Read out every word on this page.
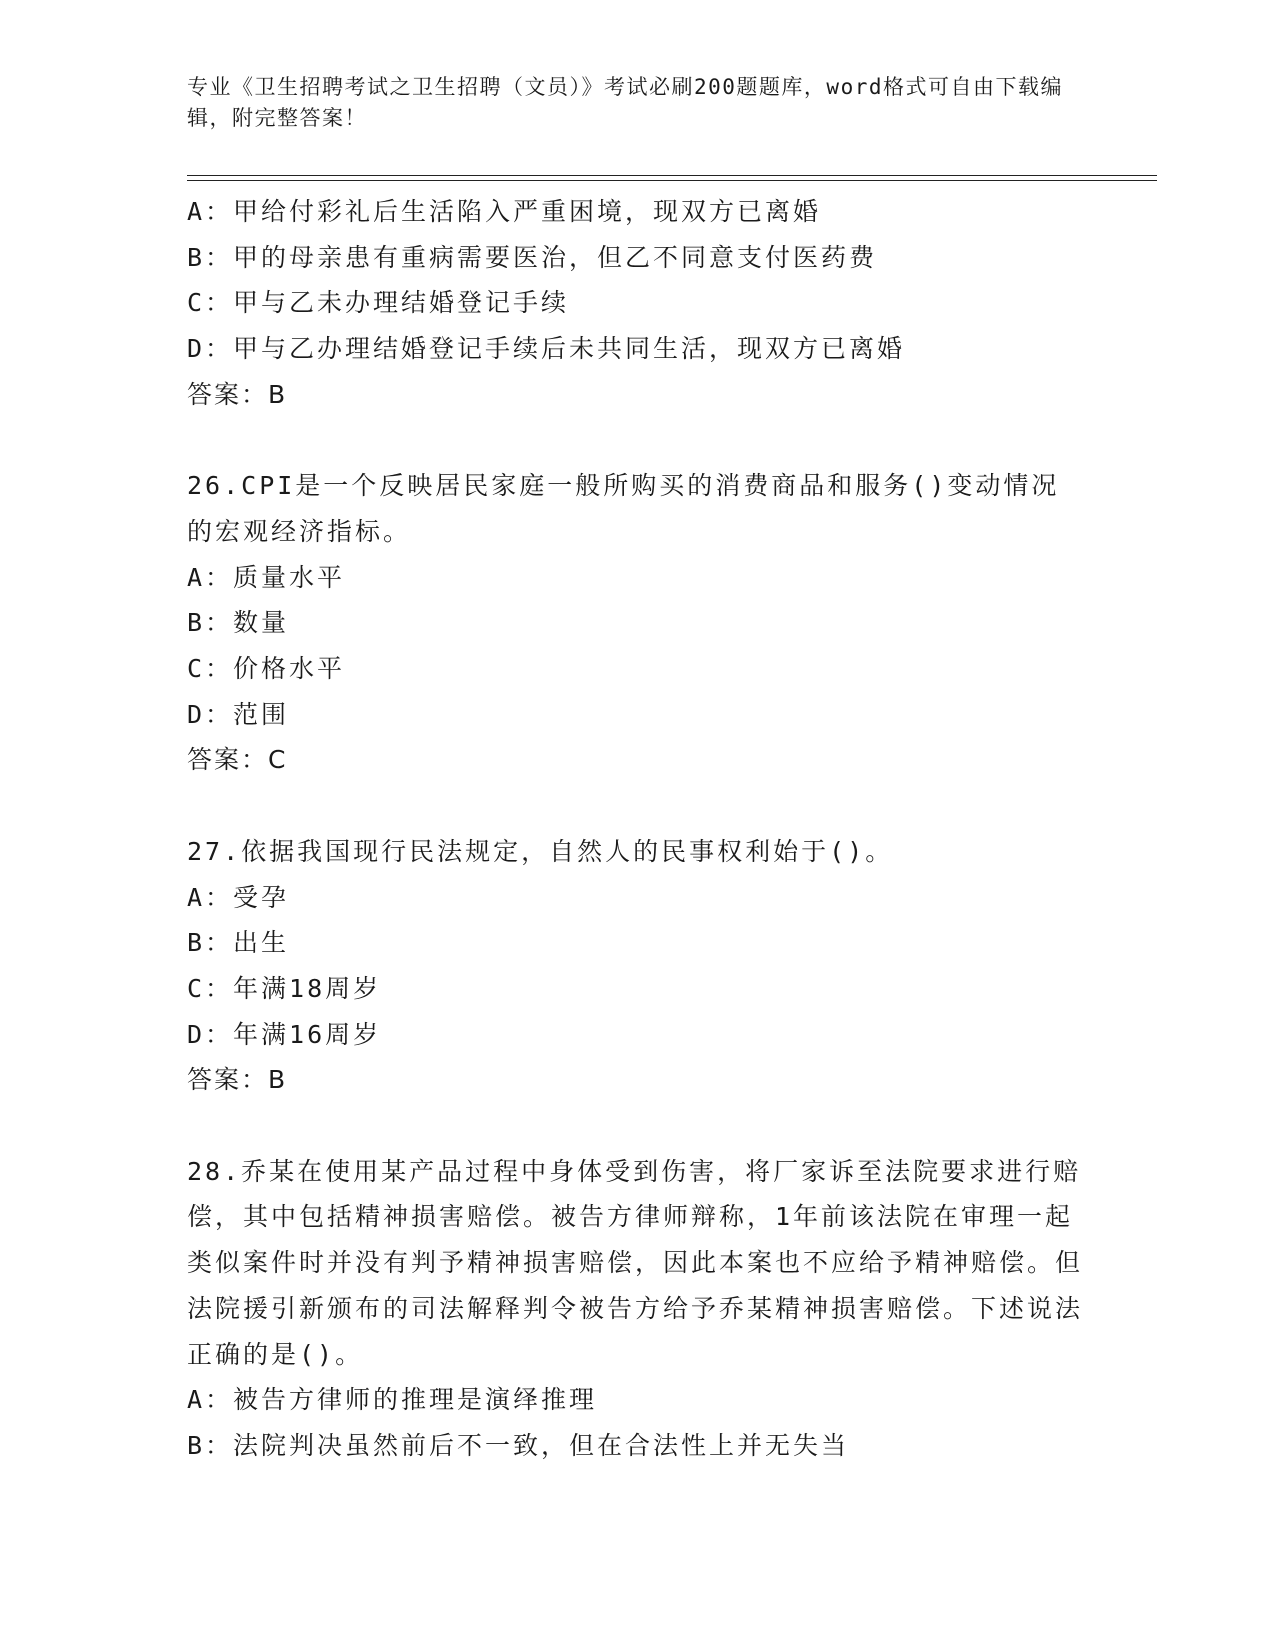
专业《卫生招聘考试之卫生招聘（文员）》考试必刷200题题库，word格式可自由下载编辑，附完整答案！
A：甲给付彩礼后生活陷入严重困境，现双方已离婚
B：甲的母亲患有重病需要医治，但乙不同意支付医药费
C：甲与乙未办理结婚登记手续
D：甲与乙办理结婚登记手续后未共同生活，现双方已离婚
答案：B
26.CPI是一个反映居民家庭一般所购买的消费商品和服务()变动情况的宏观经济指标。
A：质量水平
B：数量
C：价格水平
D：范围
答案：C
27.依据我国现行民法规定，自然人的民事权利始于()。
A：受孕
B：出生
C：年满18周岁
D：年满16周岁
答案：B
28.乔某在使用某产品过程中身体受到伤害，将厂家诉至法院要求进行赔偿，其中包括精神损害赔偿。被告方律师辩称，1年前该法院在审理一起类似案件时并没有判予精神损害赔偿，因此本案也不应给予精神赔偿。但法院援引新颁布的司法解释判令被告方给予乔某精神损害赔偿。下述说法正确的是()。
A：被告方律师的推理是演绎推理
B：法院判决虽然前后不一致，但在合法性上并无失当
